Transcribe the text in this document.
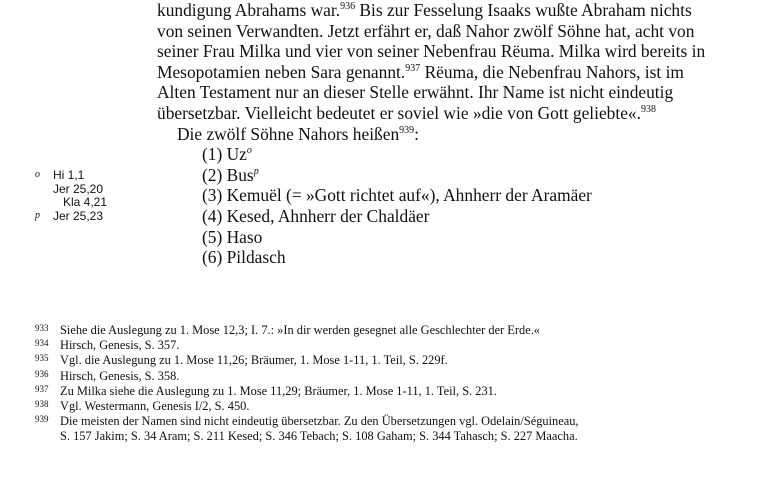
kundigung Abrahams war.$^{936}$ Bis zur Fesselung Isaaks wußte Abraham nichts von seinen Verwandten. Jetzt erfährt er, daß Nahor zwölf Söhne hat, acht von seiner Frau Milka und vier von seiner Nebenfrau Rëuma. Milka wird bereits in Mesopotamien neben Sara genannt.$^{937}$ Rëuma, die Nebenfrau Nahors, ist im Alten Testament nur an dieser Stelle erwähnt. Ihr Name ist nicht eindeutig übersetzbar. Vielleicht bedeutet er soviel wie »die von Gott geliebte«.$^{938}$

Die zwölf Söhne Nahors heißen$^{939}$:

(1) Uz$^o$
(2) Bus$^p$
(3) Kemuël (= »Gott richtet auf«), Ahnherr der Aramäer
(4) Kesed, Ahnherr der Chaldäer
(5) Haso
(6) Pildasch
o Hi 1,1
Jer 25,20
Kla 4,21
p Jer 25,23
933 Siehe die Auslegung zu 1. Mose 12,3; I. 7.: »In dir werden gesegnet alle Geschlechter der Erde.«
934 Hirsch, Genesis, S. 357.
935 Vgl. die Auslegung zu 1. Mose 11,26; Bräumer, 1. Mose 1-11, 1. Teil, S. 229f.
936 Hirsch, Genesis, S. 358.
937 Zu Milka siehe die Auslegung zu 1. Mose 11,29; Bräumer, 1. Mose 1-11, 1. Teil, S. 231.
938 Vgl. Westermann, Genesis I/2, S. 450.
939 Die meisten der Namen sind nicht eindeutig übersetzbar. Zu den Übersetzungen vgl. Odelain/Séguineau,
S. 157 Jakim; S. 34 Aram; S. 211 Kesed; S. 346 Tebach; S. 108 Gaham; S. 344 Tahasch; S. 227 Maacha.
